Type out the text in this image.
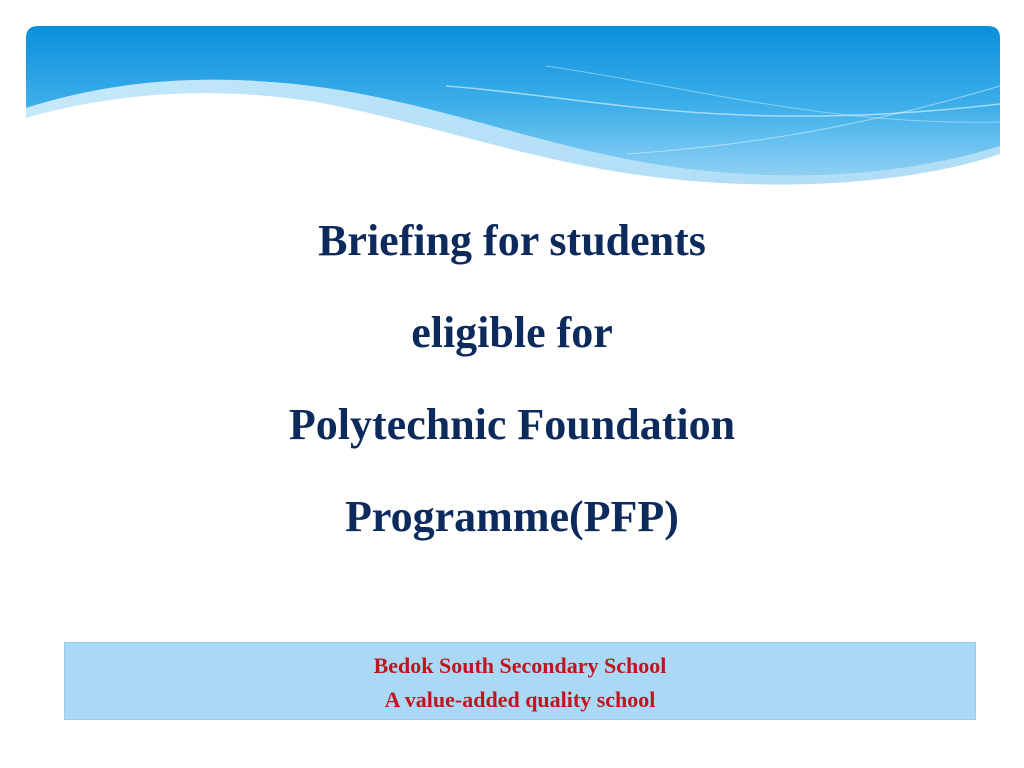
Briefing for students
eligible for
Polytechnic Foundation
Programme(PFP)
Bedok South Secondary School
A value-added quality school
